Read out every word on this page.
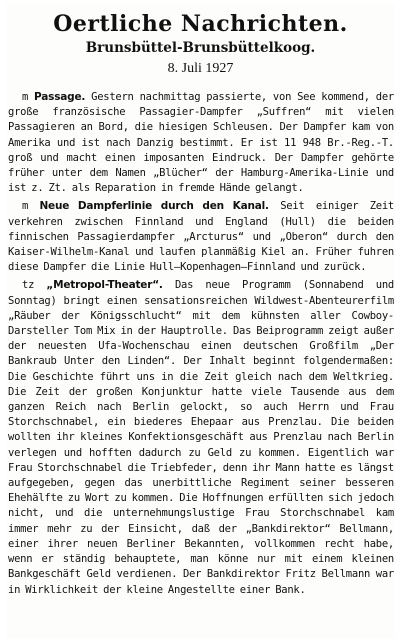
Oertliche Nachrichten.
Brunsbüttel-Brunsbüttelkoog.
8. Juli 1927

m Passage. Gestern nachmittag passierte, von See kommend, der große französische Passagier-Dampfer „Suffren“ mit vielen Passagieren an Bord, die hiesigen Schleusen. Der Dampfer kam von Amerika und ist nach Danzig bestimmt. Er ist 11 948 Br.-Reg.-T. groß und macht einen imposanten Eindruck. Der Dampfer gehörte früher unter dem Namen „Blücher“ der Hamburg-Amerika-Linie und ist z. Zt. als Reparation in fremde Hände gelangt.

m Neue Dampferlinie durch den Kanal. Seit einiger Zeit verkehren zwischen Finnland und England (Hull) die beiden finnischen Passagierdampfer „Arcturus“ und „Oberon“ durch den Kaiser-Wilhelm-Kanal und laufen planmäßig Kiel an. Früher fuhren diese Dampfer die Linie Hull—Kopenhagen—Finnland und zurück.

tz „Metropol-Theater“. Das neue Programm (Sonnabend und Sonntag) bringt einen sensationsreichen Wildwest-Abenteurerfilm „Räuber der Königsschlucht“ mit dem kühnsten aller Cowboy-Darsteller Tom Mix in der Hauptrolle. Das Beiprogramm zeigt außer der neuesten Ufa-Wochenschau einen deutschen Großfilm „Der Bankraub Unter den Linden“. Der Inhalt beginnt folgendermaßen: Die Geschichte führt uns in die Zeit gleich nach dem Weltkrieg. Die Zeit der großen Konjunktur hatte viele Tausende aus dem ganzen Reich nach Berlin gelockt, so auch Herrn und Frau Storchschnabel, ein biederes Ehepaar aus Prenzlau. Die beiden wollten ihr kleines Konfektionsgeschäft aus Prenzlau nach Berlin verlegen und hofften dadurch zu Geld zu kommen. Eigentlich war Frau Storchschnabel die Triebfeder, denn ihr Mann hatte es längst aufgegeben, gegen das unerbittliche Regiment seiner besseren Ehehälfte zu Wort zu kommen. Die Hoffnungen erfüllten sich jedoch nicht, und die unternehmungslustige Frau Storchschnabel kam immer mehr zu der Einsicht, daß der „Bankdirektor“ Bellmann, einer ihrer neuen Berliner Bekannten, vollkommen recht habe, wenn er ständig behauptete, man könne nur mit einem kleinen Bankgeschäft Geld verdienen. Der Bankdirektor Fritz Bellmann war in Wirklichkeit der kleine Angestellte einer Bank.
